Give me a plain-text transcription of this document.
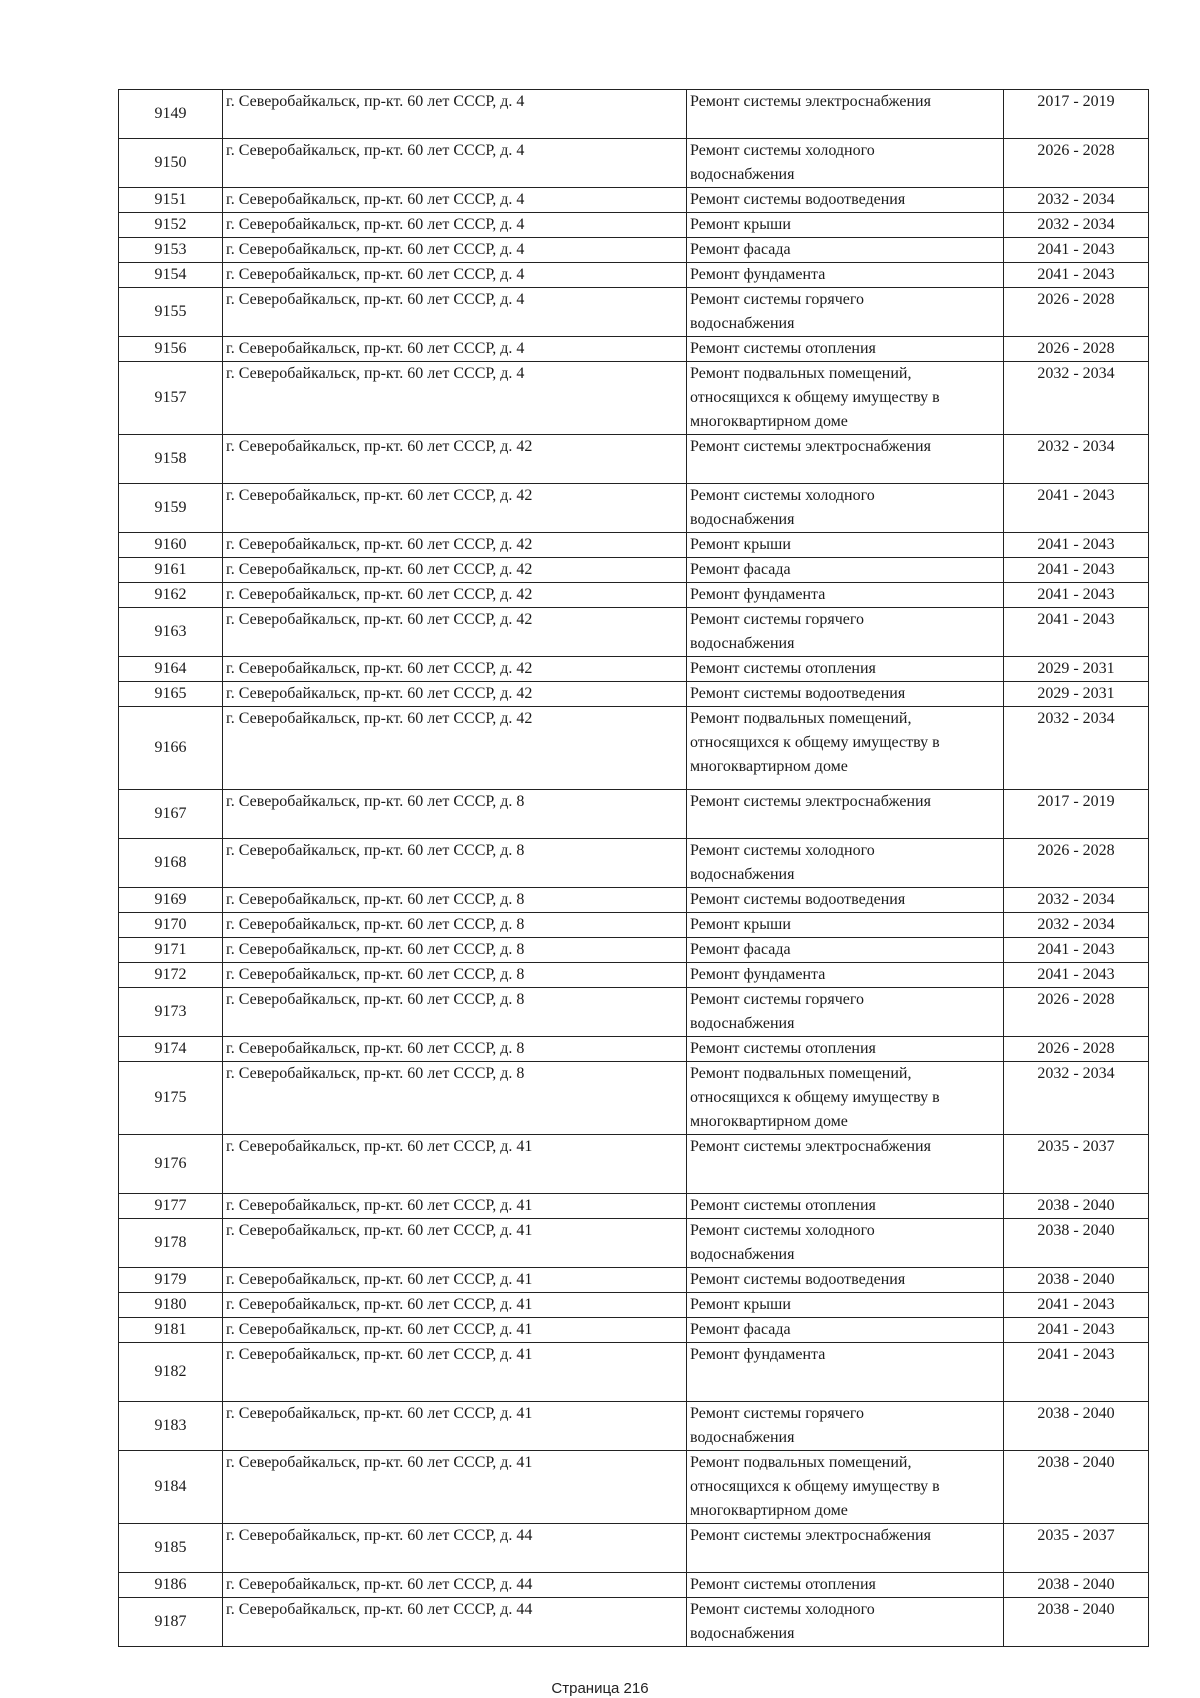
9149	г. Северобайкальск, пр-кт. 60 лет СССР, д. 4	Ремонт системы электроснабжения	2017 - 2019
9150	г. Северобайкальск, пр-кт. 60 лет СССР, д. 4	Ремонт системы холодного
водоснабжения	2026 - 2028
9151	г. Северобайкальск, пр-кт. 60 лет СССР, д. 4	Ремонт системы водоотведения	2032 - 2034
9152	г. Северобайкальск, пр-кт. 60 лет СССР, д. 4	Ремонт крыши	2032 - 2034
9153	г. Северобайкальск, пр-кт. 60 лет СССР, д. 4	Ремонт фасада	2041 - 2043
9154	г. Северобайкальск, пр-кт. 60 лет СССР, д. 4	Ремонт фундамента	2041 - 2043
9155	г. Северобайкальск, пр-кт. 60 лет СССР, д. 4	Ремонт системы горячего
водоснабжения	2026 - 2028
9156	г. Северобайкальск, пр-кт. 60 лет СССР, д. 4	Ремонт системы отопления	2026 - 2028
9157	г. Северобайкальск, пр-кт. 60 лет СССР, д. 4	Ремонт подвальных помещений,
относящихся к общему имуществу в
многоквартирном доме	2032 - 2034
9158	г. Северобайкальск, пр-кт. 60 лет СССР, д. 42	Ремонт системы электроснабжения	2032 - 2034
9159	г. Северобайкальск, пр-кт. 60 лет СССР, д. 42	Ремонт системы холодного
водоснабжения	2041 - 2043
9160	г. Северобайкальск, пр-кт. 60 лет СССР, д. 42	Ремонт крыши	2041 - 2043
9161	г. Северобайкальск, пр-кт. 60 лет СССР, д. 42	Ремонт фасада	2041 - 2043
9162	г. Северобайкальск, пр-кт. 60 лет СССР, д. 42	Ремонт фундамента	2041 - 2043
9163	г. Северобайкальск, пр-кт. 60 лет СССР, д. 42	Ремонт системы горячего
водоснабжения	2041 - 2043
9164	г. Северобайкальск, пр-кт. 60 лет СССР, д. 42	Ремонт системы отопления	2029 - 2031
9165	г. Северобайкальск, пр-кт. 60 лет СССР, д. 42	Ремонт системы водоотведения	2029 - 2031
9166	г. Северобайкальск, пр-кт. 60 лет СССР, д. 42	Ремонт подвальных помещений,
относящихся к общему имуществу в
многоквартирном доме	2032 - 2034
9167	г. Северобайкальск, пр-кт. 60 лет СССР, д. 8	Ремонт системы электроснабжения	2017 - 2019
9168	г. Северобайкальск, пр-кт. 60 лет СССР, д. 8	Ремонт системы холодного
водоснабжения	2026 - 2028
9169	г. Северобайкальск, пр-кт. 60 лет СССР, д. 8	Ремонт системы водоотведения	2032 - 2034
9170	г. Северобайкальск, пр-кт. 60 лет СССР, д. 8	Ремонт крыши	2032 - 2034
9171	г. Северобайкальск, пр-кт. 60 лет СССР, д. 8	Ремонт фасада	2041 - 2043
9172	г. Северобайкальск, пр-кт. 60 лет СССР, д. 8	Ремонт фундамента	2041 - 2043
9173	г. Северобайкальск, пр-кт. 60 лет СССР, д. 8	Ремонт системы горячего
водоснабжения	2026 - 2028
9174	г. Северобайкальск, пр-кт. 60 лет СССР, д. 8	Ремонт системы отопления	2026 - 2028
9175	г. Северобайкальск, пр-кт. 60 лет СССР, д. 8	Ремонт подвальных помещений,
относящихся к общему имуществу в
многоквартирном доме	2032 - 2034
9176	г. Северобайкальск, пр-кт. 60 лет СССР, д. 41	Ремонт системы электроснабжения	2035 - 2037
9177	г. Северобайкальск, пр-кт. 60 лет СССР, д. 41	Ремонт системы отопления	2038 - 2040
9178	г. Северобайкальск, пр-кт. 60 лет СССР, д. 41	Ремонт системы холодного
водоснабжения	2038 - 2040
9179	г. Северобайкальск, пр-кт. 60 лет СССР, д. 41	Ремонт системы водоотведения	2038 - 2040
9180	г. Северобайкальск, пр-кт. 60 лет СССР, д. 41	Ремонт крыши	2041 - 2043
9181	г. Северобайкальск, пр-кт. 60 лет СССР, д. 41	Ремонт фасада	2041 - 2043
9182	г. Северобайкальск, пр-кт. 60 лет СССР, д. 41	Ремонт фундамента	2041 - 2043
9183	г. Северобайкальск, пр-кт. 60 лет СССР, д. 41	Ремонт системы горячего
водоснабжения	2038 - 2040
9184	г. Северобайкальск, пр-кт. 60 лет СССР, д. 41	Ремонт подвальных помещений,
относящихся к общему имуществу в
многоквартирном доме	2038 - 2040
9185	г. Северобайкальск, пр-кт. 60 лет СССР, д. 44	Ремонт системы электроснабжения	2035 - 2037
9186	г. Северобайкальск, пр-кт. 60 лет СССР, д. 44	Ремонт системы отопления	2038 - 2040
9187	г. Северобайкальск, пр-кт. 60 лет СССР, д. 44	Ремонт системы холодного
водоснабжения	2038 - 2040
Страница 216
